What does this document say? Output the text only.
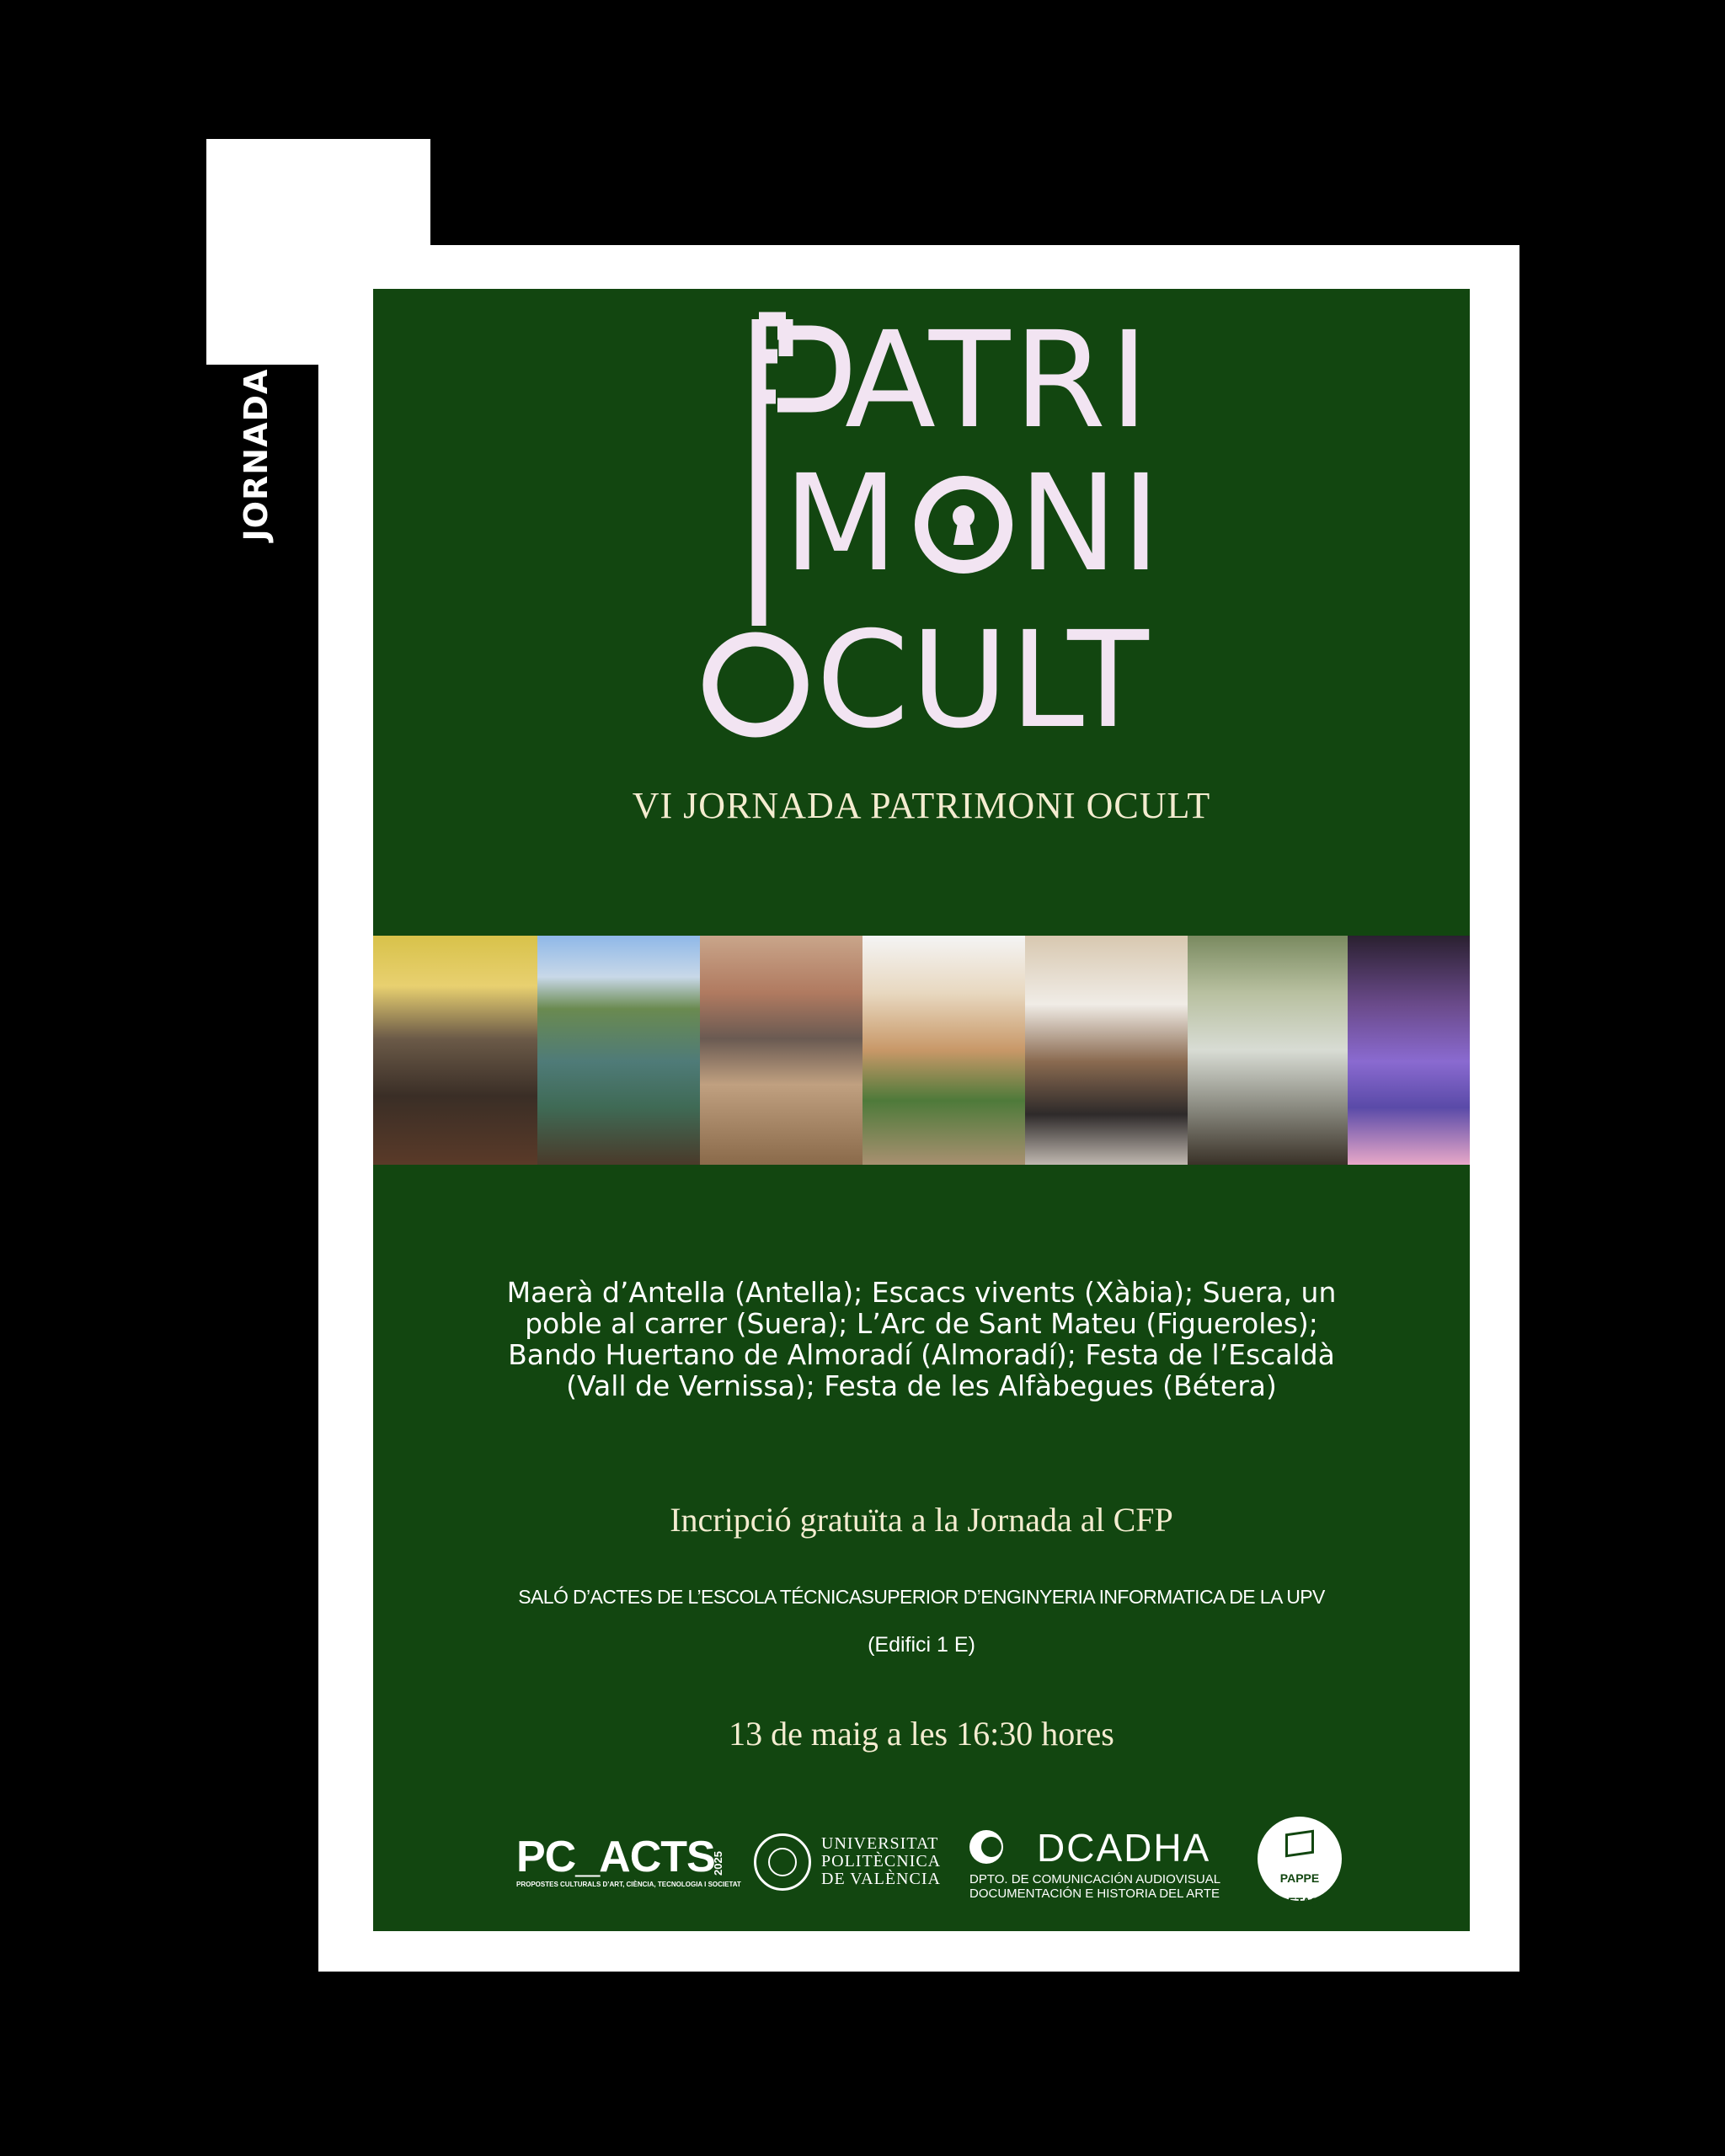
JORNADA	ATRI
M NI
CULT
VI JORNADA PATRIMONI OCULT
Maerà d’Antella (Antella); Escacs vivents (Xàbia); Suera, un poble al carrer (Suera); L’Arc de Sant Mateu (Figueroles); Bando Huertano de Almoradí (Almoradí); Festa de l’Escaldà (Vall de Vernissa); Festa de les Alfàbegues (Bétera)
Incripció gratuïta a la Jornada al CFP
SALÓ D’ACTES DE L’ESCOLA TÉCNICASUPERIOR D’ENGINYERIA INFORMATICA DE LA UPV
(Edifici 1 E)
13 de maig a les 16:30 hores
PC_ACTS
2025
PROPOSTES CULTURALS D’ART, CIÈNCIA, TECNOLOGIA I SOCIETAT
UNIVERSITAT
POLITÈCNICA
DE VALÈNCIA
DCADHA
DPTO. DE COMUNICACIÓN AUDIOVISUAL
DOCUMENTACIÓN E HISTORIA DEL ARTE

PAPPE

LETAS
